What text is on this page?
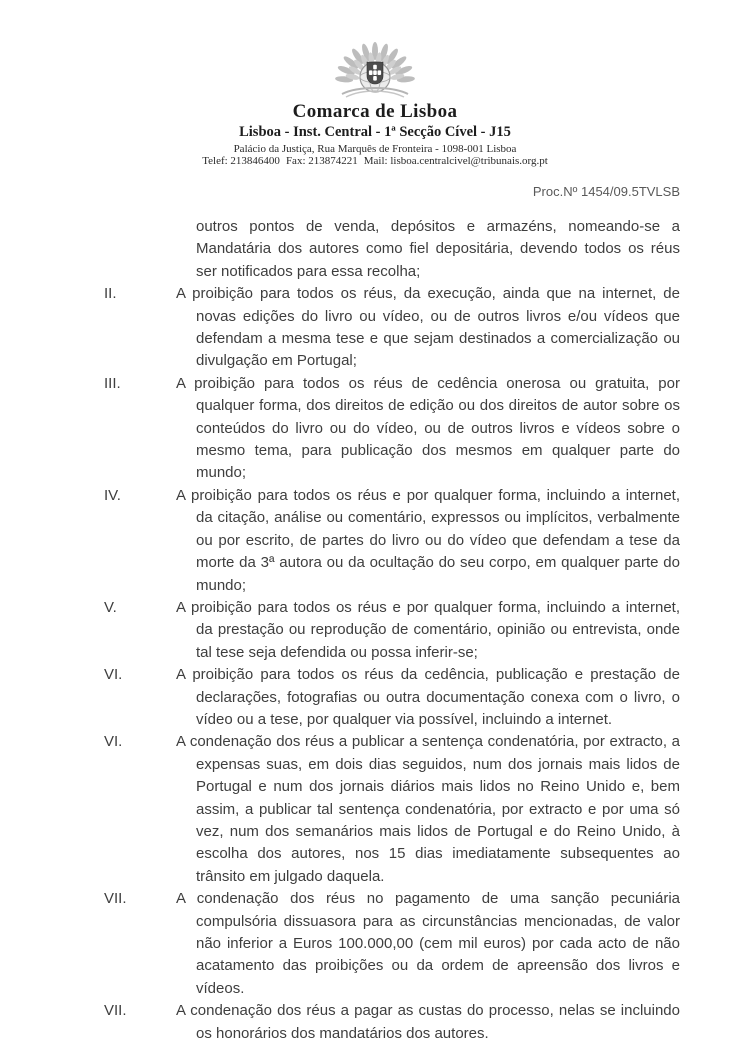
Comarca de Lisboa
Lisboa - Inst. Central - 1ª Secção Cível - J15
Palácio da Justiça, Rua Marquês de Fronteira - 1098-001 Lisboa
Telef: 213846400 Fax: 213874221 Mail: lisboa.centralcivel@tribunais.org.pt
Proc.Nº 1454/09.5TVLSB
outros pontos de venda, depósitos e armazéns, nomeando-se a Mandatária dos autores como fiel depositária, devendo todos os réus ser notificados para essa recolha;
II.	A proibição para todos os réus, da execução, ainda que na internet, de novas edições do livro ou vídeo, ou de outros livros e/ou vídeos que defendam a mesma tese e que sejam destinados a comercialização ou divulgação em Portugal;
III.	A proibição para todos os réus de cedência onerosa ou gratuita, por qualquer forma, dos direitos de edição ou dos direitos de autor sobre os conteúdos do livro ou do vídeo, ou de outros livros e vídeos sobre o mesmo tema, para publicação dos mesmos em qualquer parte do mundo;
IV.	A proibição para todos os réus e por qualquer forma, incluindo a internet, da citação, análise ou comentário, expressos ou implícitos, verbalmente ou por escrito, de partes do livro ou do vídeo que defendam a tese da morte da 3ª autora ou da ocultação do seu corpo, em qualquer parte do mundo;
V.	A proibição para todos os réus e por qualquer forma, incluindo a internet, da prestação ou reprodução de comentário, opinião ou entrevista, onde tal tese seja defendida ou possa inferir-se;
VI.	A proibição para todos os réus da cedência, publicação e prestação de declarações, fotografias ou outra documentação conexa com o livro, o vídeo ou a tese, por qualquer via possível, incluindo a internet.
VI.	A condenação dos réus a publicar a sentença condenatória, por extracto, a expensas suas, em dois dias seguidos, num dos jornais mais lidos de Portugal e num dos jornais diários mais lidos no Reino Unido e, bem assim, a publicar tal sentença condenatória, por extracto e por uma só vez, num dos semanários mais lidos de Portugal e do Reino Unido, à escolha dos autores, nos 15 dias imediatamente subsequentes ao trânsito em julgado daquela.
VII.	A condenação dos réus no pagamento de uma sanção pecuniária compulsória dissuasora para as circunstâncias mencionadas, de valor não inferior a Euros 100.000,00 (cem mil euros) por cada acto de não acatamento das proibições ou da ordem de apreensão dos livros e vídeos.
VII.	A condenação dos réus a pagar as custas do processo, nelas se incluindo os honorários dos mandatários dos autores.
